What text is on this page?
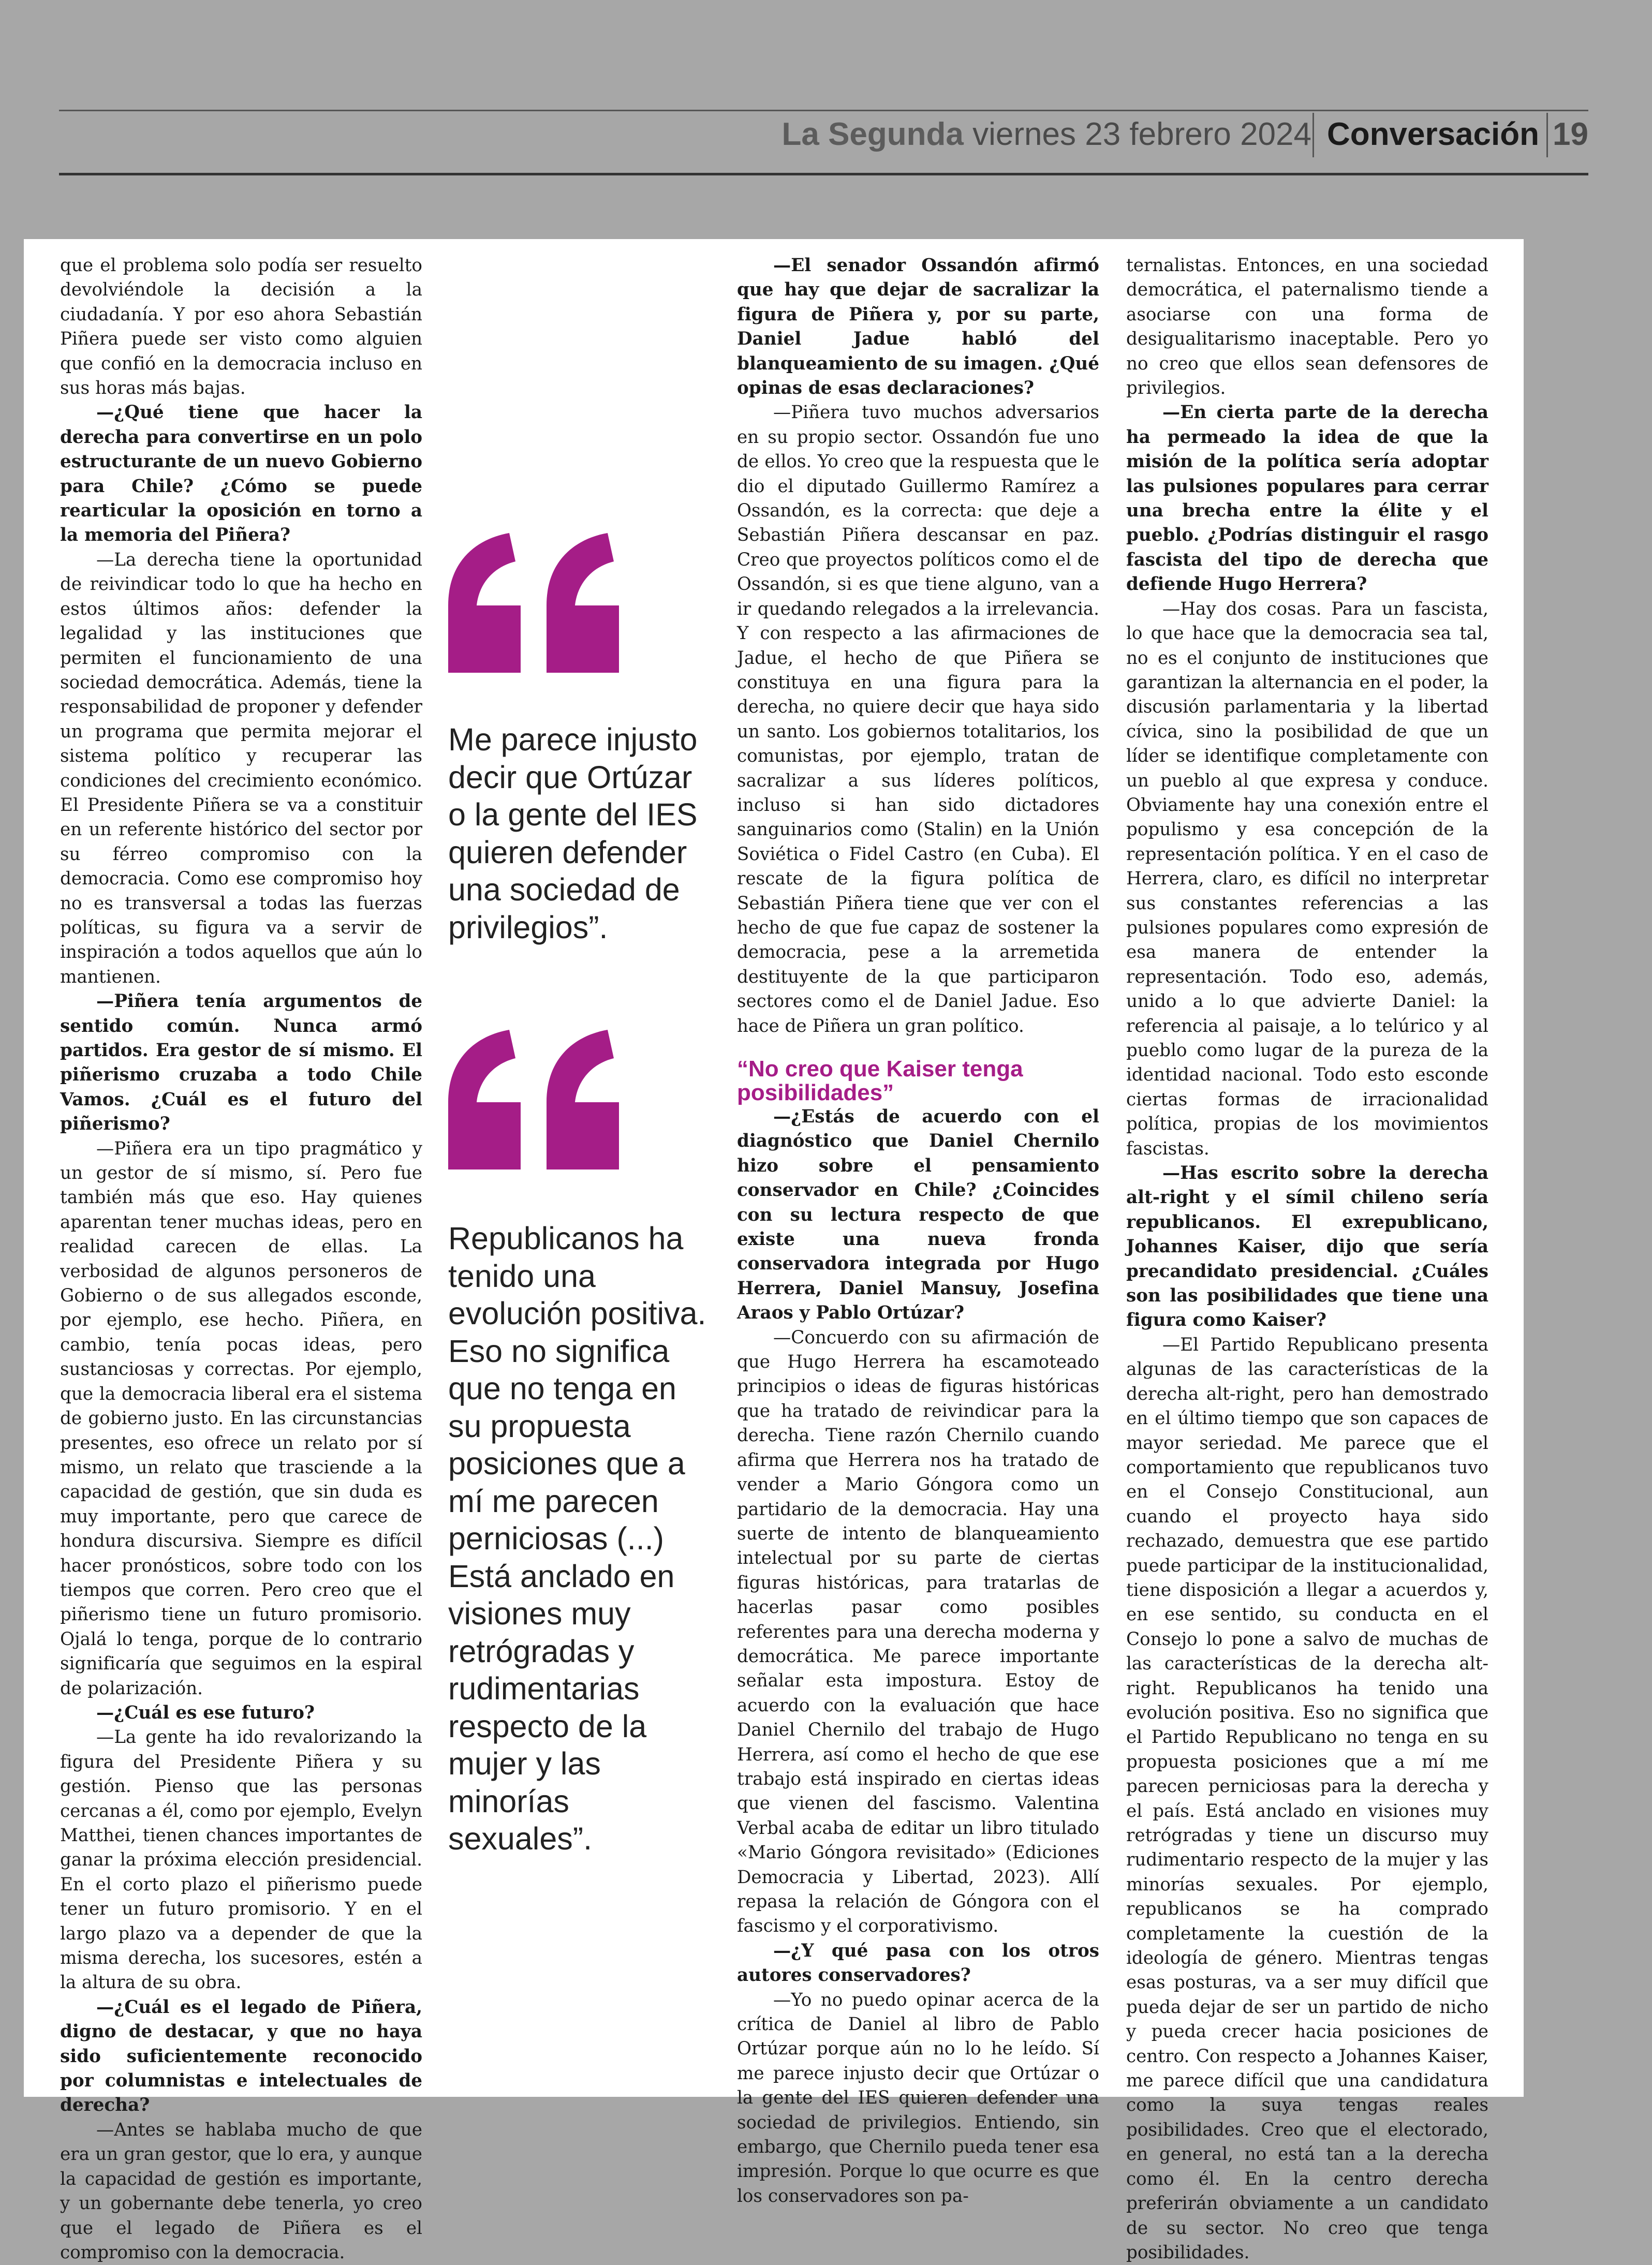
La Segunda viernes 23 febrero 2024 Conversación 19

que el problema solo podía ser resuelto devolviéndole la decisión a la ciudadanía. Y por eso ahora Sebastián Piñera puede ser visto como alguien que confió en la democracia incluso en sus horas más bajas.

—¿Qué tiene que hacer la derecha para convertirse en un polo estructurante de un nuevo Gobierno para Chile? ¿Cómo se puede rearticular la oposición en torno a la memoria del Piñera?

—La derecha tiene la oportunidad de reivindicar todo lo que ha hecho en estos últimos años: defender la legalidad y las instituciones que permiten el funcionamiento de una sociedad democrática. Además, tiene la responsabilidad de proponer y defender un programa que permita mejorar el sistema político y recuperar las condiciones del crecimiento económico. El Presidente Piñera se va a constituir en un referente histórico del sector por su férreo compromiso con la democracia. Como ese compromiso hoy no es transversal a todas las fuerzas políticas, su figura va a servir de inspiración a todos aquellos que aún lo mantienen.

—Piñera tenía argumentos de sentido común. Nunca armó partidos. Era gestor de sí mismo. El piñerismo cruzaba a todo Chile Vamos. ¿Cuál es el futuro del piñerismo?

—Piñera era un tipo pragmático y un gestor de sí mismo, sí. Pero fue también más que eso. Hay quienes aparentan tener muchas ideas, pero en realidad carecen de ellas. La verbosidad de algunos personeros de Gobierno o de sus allegados esconde, por ejemplo, ese hecho. Piñera, en cambio, tenía pocas ideas, pero sustanciosas y correctas. Por ejemplo, que la democracia liberal era el sistema de gobierno justo. En las circunstancias presentes, eso ofrece un relato por sí mismo, un relato que trasciende a la capacidad de gestión, que sin duda es muy importante, pero que carece de hondura discursiva. Siempre es difícil hacer pronósticos, sobre todo con los tiempos que corren. Pero creo que el piñerismo tiene un futuro promisorio. Ojalá lo tenga, porque de lo contrario significaría que seguimos en la espiral de polarización.

—¿Cuál es ese futuro?

—La gente ha ido revalorizando la figura del Presidente Piñera y su gestión. Pienso que las personas cercanas a él, como por ejemplo, Evelyn Matthei, tienen chances importantes de ganar la próxima elección presidencial. En el corto plazo el piñerismo puede tener un futuro promisorio. Y en el largo plazo va a depender de que la misma derecha, los sucesores, estén a la altura de su obra.

—¿Cuál es el legado de Piñera, digno de destacar, y que no haya sido suficientemente reconocido por columnistas e intelectuales de derecha?

—Antes se hablaba mucho de que era un gran gestor, que lo era, y aunque la capacidad de gestión es importante, y un gobernante debe tenerla, yo creo que el legado de Piñera es el compromiso con la democracia.

Me parece injusto decir que Ortúzar o la gente del IES quieren defender una sociedad de privilegios”.
Republicanos ha tenido una evolución positiva. Eso no significa que no tenga en su propuesta posiciones que a mí me parecen perniciosas (...) Está anclado en visiones muy retrógradas y rudimentarias respecto de la mujer y las minorías sexuales”.

—El senador Ossandón afirmó que hay que dejar de sacralizar la figura de Piñera y, por su parte, Daniel Jadue habló del blanqueamiento de su imagen. ¿Qué opinas de esas declaraciones?

—Piñera tuvo muchos adversarios en su propio sector. Ossandón fue uno de ellos. Yo creo que la respuesta que le dio el diputado Guillermo Ramírez a Ossandón, es la correcta: que deje a Sebastián Piñera descansar en paz. Creo que proyectos políticos como el de Ossandón, si es que tiene alguno, van a ir quedando relegados a la irrelevancia. Y con respecto a las afirmaciones de Jadue, el hecho de que Piñera se constituya en una figura para la derecha, no quiere decir que haya sido un santo. Los gobiernos totalitarios, los comunistas, por ejemplo, tratan de sacralizar a sus líderes políticos, incluso si han sido dictadores sanguinarios como (Stalin) en la Unión Soviética o Fidel Castro (en Cuba). El rescate de la figura política de Sebastián Piñera tiene que ver con el hecho de que fue capaz de sostener la democracia, pese a la arremetida destituyente de la que participaron sectores como el de Daniel Jadue. Eso hace de Piñera un gran político.

“No creo que Kaiser tenga posibilidades”

—¿Estás de acuerdo con el diagnóstico que Daniel Chernilo hizo sobre el pensamiento conservador en Chile? ¿Coincides con su lectura respecto de que existe una nueva fronda conservadora integrada por Hugo Herrera, Daniel Mansuy, Josefina Araos y Pablo Ortúzar?

—Concuerdo con su afirmación de que Hugo Herrera ha escamoteado principios o ideas de figuras históricas que ha tratado de reivindicar para la derecha. Tiene razón Chernilo cuando afirma que Herrera nos ha tratado de vender a Mario Góngora como un partidario de la democracia. Hay una suerte de intento de blanqueamiento intelectual por su parte de ciertas figuras históricas, para tratarlas de hacerlas pasar como posibles referentes para una derecha moderna y democrática. Me parece importante señalar esta impostura. Estoy de acuerdo con la evaluación que hace Daniel Chernilo del trabajo de Hugo Herrera, así como el hecho de que ese trabajo está inspirado en ciertas ideas que vienen del fascismo. Valentina Verbal acaba de editar un libro titulado «Mario Góngora revisitado» (Ediciones Democracia y Libertad, 2023). Allí repasa la relación de Góngora con el fascismo y el corporativismo.

—¿Y qué pasa con los otros autores conservadores?

—Yo no puedo opinar acerca de la crítica de Daniel al libro de Pablo Ortúzar porque aún no lo he leído. Sí me parece injusto decir que Ortúzar o la gente del IES quieren defender una sociedad de privilegios. Entiendo, sin embargo, que Chernilo pueda tener esa impresión. Porque lo que ocurre es que los conservadores son pa-

ternalistas. Entonces, en una sociedad democrática, el paternalismo tiende a asociarse con una forma de desigualitarismo inaceptable. Pero yo no creo que ellos sean defensores de privilegios.

—En cierta parte de la derecha ha permeado la idea de que la misión de la política sería adoptar las pulsiones populares para cerrar una brecha entre la élite y el pueblo. ¿Podrías distinguir el rasgo fascista del tipo de derecha que defiende Hugo Herrera?

—Hay dos cosas. Para un fascista, lo que hace que la democracia sea tal, no es el conjunto de instituciones que garantizan la alternancia en el poder, la discusión parlamentaria y la libertad cívica, sino la posibilidad de que un líder se identifique completamente con un pueblo al que expresa y conduce. Obviamente hay una conexión entre el populismo y esa concepción de la representación política. Y en el caso de Herrera, claro, es difícil no interpretar sus constantes referencias a las pulsiones populares como expresión de esa manera de entender la representación. Todo eso, además, unido a lo que advierte Daniel: la referencia al paisaje, a lo telúrico y al pueblo como lugar de la pureza de la identidad nacional. Todo esto esconde ciertas formas de irracionalidad política, propias de los movimientos fascistas.

—Has escrito sobre la derecha alt-right y el símil chileno sería republicanos. El exrepublicano, Johannes Kaiser, dijo que sería precandidato presidencial. ¿Cuáles son las posibilidades que tiene una figura como Kaiser?

—El Partido Republicano presenta algunas de las características de la derecha alt-right, pero han demostrado en el último tiempo que son capaces de mayor seriedad. Me parece que el comportamiento que republicanos tuvo en el Consejo Constitucional, aun cuando el proyecto haya sido rechazado, demuestra que ese partido puede participar de la institucionalidad, tiene disposición a llegar a acuerdos y, en ese sentido, su conducta en el Consejo lo pone a salvo de muchas de las características de la derecha alt-right. Republicanos ha tenido una evolución positiva. Eso no significa que el Partido Republicano no tenga en su propuesta posiciones que a mí me parecen perniciosas para la derecha y el país. Está anclado en visiones muy retrógradas y tiene un discurso muy rudimentario respecto de la mujer y las minorías sexuales. Por ejemplo, republicanos se ha comprado completamente la cuestión de la ideología de género. Mientras tengas esas posturas, va a ser muy difícil que pueda dejar de ser un partido de nicho y pueda crecer hacia posiciones de centro. Con respecto a Johannes Kaiser, me parece difícil que una candidatura como la suya tengas reales posibilidades. Creo que el electorado, en general, no está tan a la derecha como él. En la centro derecha preferirán obviamente a un candidato de su sector. No creo que tenga posibilidades.
